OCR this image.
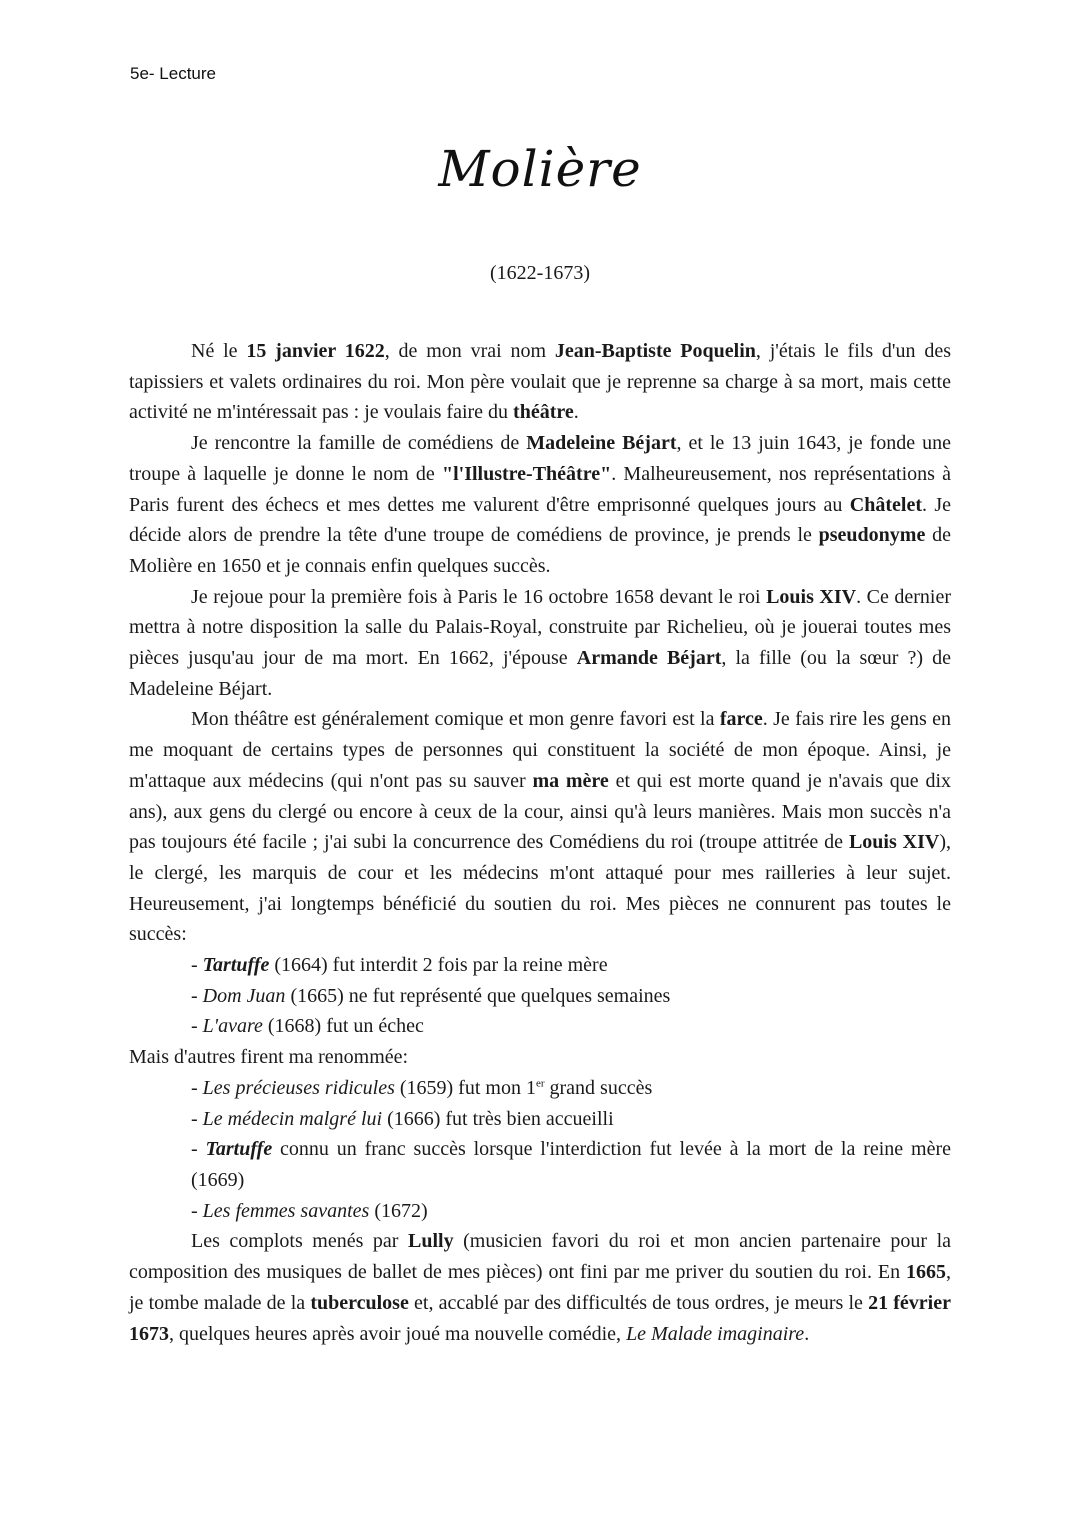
5e- Lecture
Molière
(1622-1673)

Né le 15 janvier 1622, de mon vrai nom Jean-Baptiste Poquelin, j'étais le fils d'un des tapissiers et valets ordinaires du roi. Mon père voulait que je reprenne sa charge à sa mort, mais cette activité ne m'intéressait pas : je voulais faire du théâtre.

Je rencontre la famille de comédiens de Madeleine Béjart, et le 13 juin 1643, je fonde une troupe à laquelle je donne le nom de "l'Illustre-Théâtre". Malheureusement, nos représentations à Paris furent des échecs et mes dettes me valurent d'être emprisonné quelques jours au Châtelet. Je décide alors de prendre la tête d'une troupe de comédiens de province, je prends le pseudonyme de Molière en 1650 et je connais enfin quelques succès.

Je rejoue pour la première fois à Paris le 16 octobre 1658 devant le roi Louis XIV. Ce dernier mettra à notre disposition la salle du Palais-Royal, construite par Richelieu, où je jouerai toutes mes pièces jusqu'au jour de ma mort. En 1662, j'épouse Armande Béjart, la fille (ou la sœur ?) de Madeleine Béjart.

Mon théâtre est généralement comique et mon genre favori est la farce. Je fais rire les gens en me moquant de certains types de personnes qui constituent la société de mon époque. Ainsi, je m'attaque aux médecins (qui n'ont pas su sauver ma mère et qui est morte quand je n'avais que dix ans), aux gens du clergé ou encore à ceux de la cour, ainsi qu'à leurs manières. Mais mon succès n'a pas toujours été facile ; j'ai subi la concurrence des Comédiens du roi (troupe attitrée de Louis XIV), le clergé, les marquis de cour et les médecins m'ont attaqué pour mes railleries à leur sujet. Heureusement, j'ai longtemps bénéficié du soutien du roi. Mes pièces ne connurent pas toutes le succès:

- Tartuffe (1664) fut interdit 2 fois par la reine mère

- Dom Juan (1665) ne fut représenté que quelques semaines

- L'avare (1668) fut un échec

Mais d'autres firent ma renommée:

- Les précieuses ridicules (1659) fut mon 1er grand succès

- Le médecin malgré lui (1666) fut très bien accueilli

- Tartuffe connu un franc succès lorsque l'interdiction fut levée à la mort de la reine mère (1669)

- Les femmes savantes (1672)

Les complots menés par Lully (musicien favori du roi et mon ancien partenaire pour la composition des musiques de ballet de mes pièces) ont fini par me priver du soutien du roi. En 1665, je tombe malade de la tuberculose et, accablé par des difficultés de tous ordres, je meurs le 21 février 1673, quelques heures après avoir joué ma nouvelle comédie, Le Malade imaginaire.
